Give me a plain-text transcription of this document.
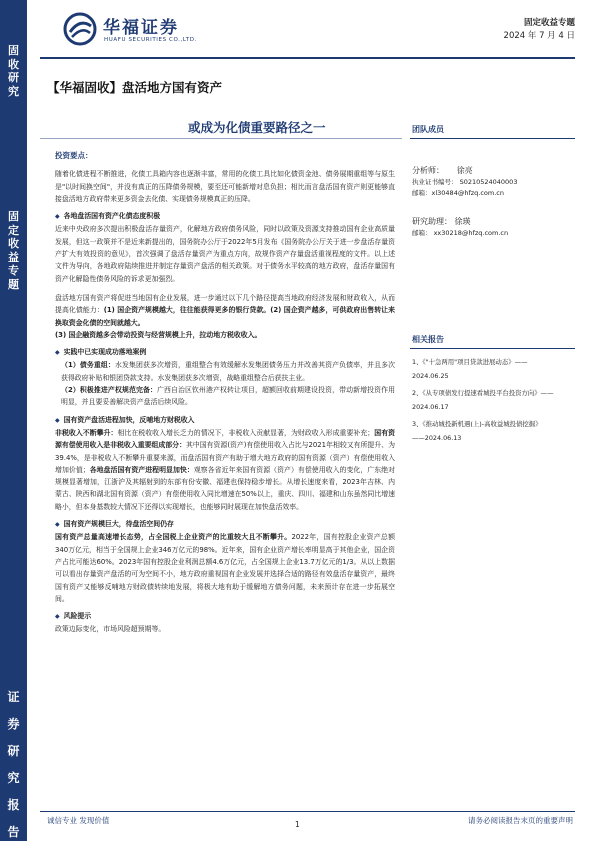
固
收
研
究
固
定
收
益
专
题
证
券
研
究
报
告
华福证券
HUAFU SECURITIES CO.,LTD.
固定收益专题
2024 年 7 月 4 日
【华福固收】盘活地方国有资产
或成为化债重要路径之一	团队成员
投资要点：

随着化债进程不断推进，化债工具箱内容也逐渐丰富，常用的化债工具比如化债资金池、债务展期重组等与原生是"以时间换空间"，并没有真正的压降债务规模，要至还可能新增对息负担；相比而言盘活国有资产则更能够直接盘活地方政府带来更多资金去化债、实现债务规模真正的压降。

◆ 各地盘活国有资产化债态度积极

近来中央政府多次提出积极盘活存量资产，化解地方政府债务风险，同时以政策及资源支持推动国有企业高质量发展，但这一政策并不是近来新提出的，国务院办公厅于2022年5月发布《国务院办公厅关于进一步盘活存量资产扩大有效投资的意见》，首次强调了盘活存量资产为重点方向，故规作资产存量盘活重视程度的文件。以上述文件为导向，各地政府陆续推进并制定存量资产盘活的相关政策。对于债务水平较高的地方政府，盘活存量国有资产化解隐性债务风险的诉求更加强烈。

盘活地方国有资产将促进当地国有企业发展，进一步通过以下几个路径提高当地政府经济发展和财政收入，从而提高化债能力：(1) 国企资产规模越大，往往能获得更多的银行贷款。(2) 国企资产越多，可供政府出售转让来换取资金化债的空间就越大。
(3) 国企融资越多会带动投资与经营规模上升，拉动地方税收收入。

◆ 实践中已实现成功落地案例

（1）债务重组：水发集团获多次增资，重组整合有效缓解水发集团债务压力并改善其资产负债率，并且多次获得政府补贴和银团贷款支持。水发集团获多次增资，战略重组整合后获扶主业。

（2）积极推进产权规范完备：广西自治区钦州港产权转让项目，超额回收前期建设投资，带动新增投资作用明显，并且要妥善解决资产盘活后续风险。

◆ 国有资产盘活进程加快，反哺地方财税收入

非税收入不断攀升：相比在税收收入增长乏力的情况下，非税收入贡献显著，为财政收入形成重要补充；国有资源有偿使用收入是非税收入重要组成部分：其中国有资源(资产)有偿使用收入占比与2021年相较又有所提升、为39.4%，是非税收入不断攀升重要来源，而盘活国有资产有助于增大地方政府的国有资源（资产）有偿使用收入增加价值；各地盘活国有资产进程明显加快：观察各省近年来国有资源（资产）有偿使用收入的变化，广东绝对规模显著增加，江浙沪及其辐射到的东部有份安徽、福建也保持稳步增长。从增长速度来看，2023年吉林、内蒙古、陕西和湖北国有资源（资产）有偿使用收入同比增速在50%以上，重庆、四川、福建和山东虽然同比增速略小，但本身基数较大情况下还得以实现增长，也能够同时展现在加快盘活效率。

◆ 国有资产规模巨大，待盘活空间仍存

国有资产总量高速增长态势，占全国税上企业资产的比重较大且不断攀升。2022年，国有控股企业资产总额340万亿元，相当于全国规上企业346万亿元的98%。近年来，国有企业资产增长率明显高于其他企业，国企资产占比可能达60%。2023年国有控股企业利润总额4.6万亿元，占全国规上企业13.7万亿元的1/3。从以上数据可以看出存量资产盘活的可为空间不小，地方政府重视国有企业发展并选择合适的路径有效盘活存量资产，最终国有资产又能够反哺地方财政债转续地发展，将极大地有助于缓解地方债务问题，未来预计存在进一步拓展空间。

◆ 风险提示

政策边际变化，市场风险超预期等。

分析师： 徐亮
执业证书编号： S0210524040003
邮箱：xl30484@hfzq.com.cn
研究助理： 徐瑛
邮箱： xx30218@hfzq.com.cn
相关报告
1、《"十急两用"项目贷款进展动态》——
2024.06.25
2、《从专项债发行提速看城投平台投资方向》——
2024.06.17
3、《推动城投新机遇(上)-高收益城投债挖掘》
——2024.06.13
诚信专业 发现价值	1	请务必阅读报告末页的重要声明
